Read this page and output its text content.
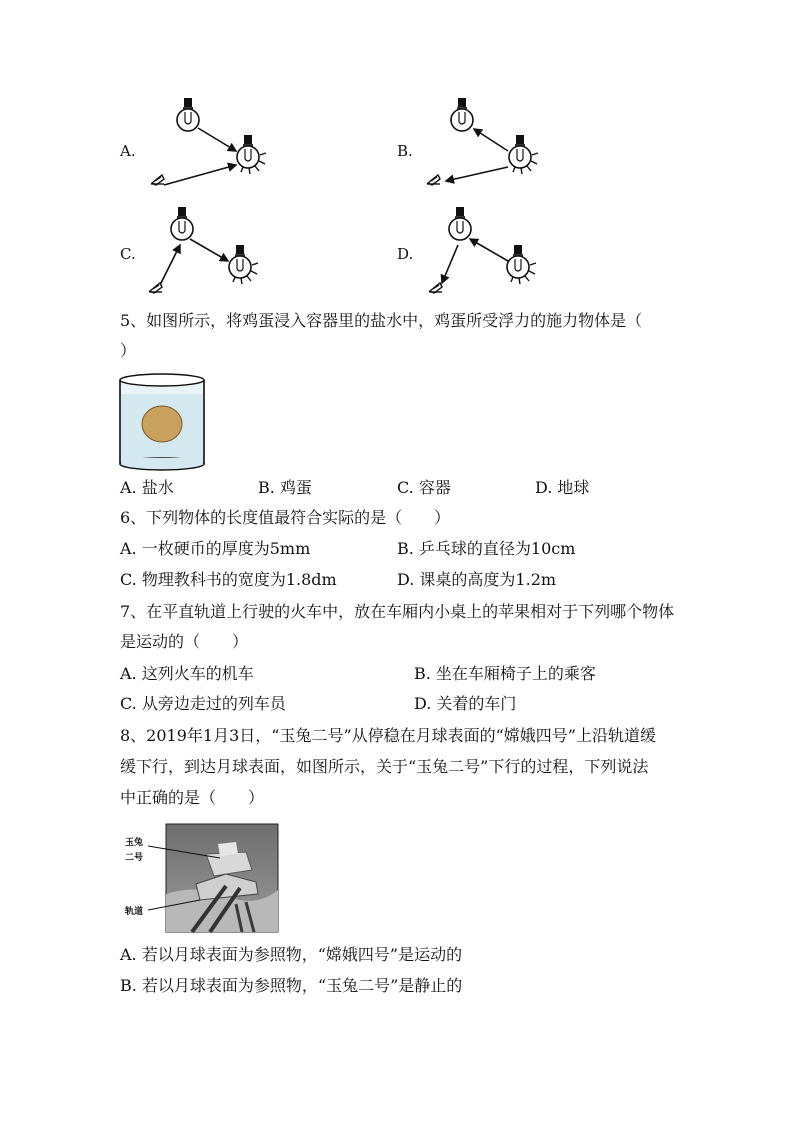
A.	B.
C.	D.
5、如图所示，将鸡蛋浸入容器里的盐水中，鸡蛋所受浮力的施力物体是（
）
A. 盐水	B. 鸡蛋	C. 容器	D. 地球
6、下列物体的长度值最符合实际的是（　　）
A. 一枚硬币的厚度为5mm	B. 乒乓球的直径为10cm
C. 物理教科书的宽度为1.8dm	D. 课桌的高度为1.2m
7、在平直轨道上行驶的火车中，放在车厢内小桌上的苹果相对于下列哪个物体
是运动的（　　）
A. 这列火车的机车	B. 坐在车厢椅子上的乘客
C. 从旁边走过的列车员	D. 关着的车门
8、2019年1月3日，“玉兔二号”从停稳在月球表面的“嫦娥四号”上沿轨道缓
缓下行，到达月球表面，如图所示，关于“玉兔二号”下行的过程，下列说法
中正确的是（　　）
玉兔
二号
轨道
A. 若以月球表面为参照物，“嫦娥四号”是运动的
B. 若以月球表面为参照物，“玉兔二号”是静止的
